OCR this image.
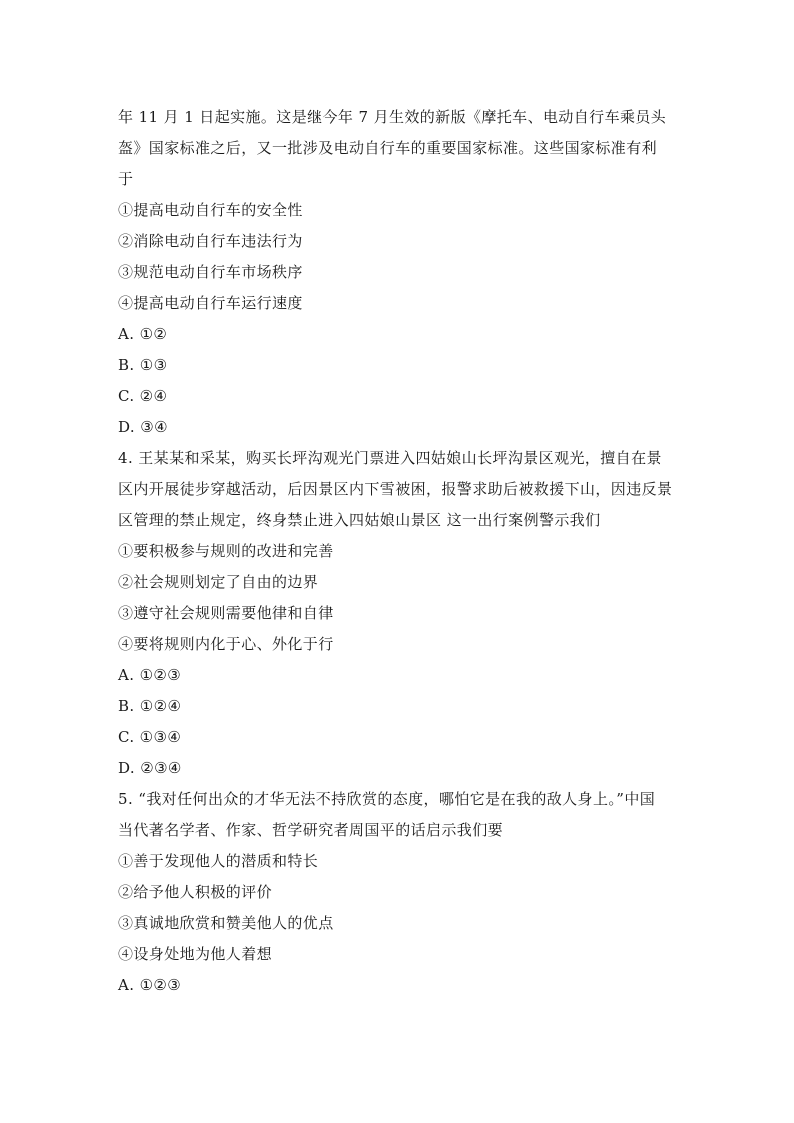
年 11 月 1 日起实施。这是继今年 7 月生效的新版《摩托车、电动自行车乘员头
盔》国家标准之后，又一批涉及电动自行车的重要国家标准。这些国家标准有利
于
①提高电动自行车的安全性
②消除电动自行车违法行为
③规范电动自行车市场秩序
④提高电动自行车运行速度
A. ①②
B. ①③
C. ②④
D. ③④
4. 王某某和采某，购买长坪沟观光门票进入四姑娘山长坪沟景区观光，擅自在景
区内开展徒步穿越活动，后因景区内下雪被困，报警求助后被救援下山，因违反景
区管理的禁止规定，终身禁止进入四姑娘山景区 这一出行案例警示我们
①要积极参与规则的改进和完善
②社会规则划定了自由的边界
③遵守社会规则需要他律和自律
④要将规则内化于心、外化于行
A. ①②③
B. ①②④
C. ①③④
D. ②③④
5. “我对任何出众的才华无法不持欣赏的态度，哪怕它是在我的敌人身上。”中国
当代著名学者、作家、哲学研究者周国平的话启示我们要
①善于发现他人的潜质和特长
②给予他人积极的评价
③真诚地欣赏和赞美他人的优点
④设身处地为他人着想
A. ①②③
